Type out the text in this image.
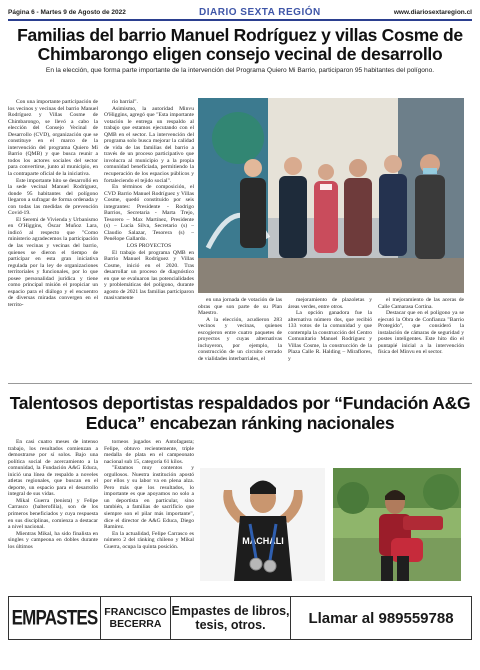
Página 6 - Martes 9 de Agosto de 2022	DIARIO SEXTA REGIÓN	www.diariosextaregion.cl
Familias del barrio Manuel Rodríguez y villas Cosme de Chimbarongo eligen consejo vecinal de desarrollo
En la elección, que forma parte importante de la intervención del Programa Quiero Mi Barrio, participaron 95 habitantes del polígono.

Con una importante participación de los vecinos y vecinas del barrio Manuel Rodríguez y Villas Cosme de Chimbarongo, se llevó a cabo la elección del Consejo Vecinal de Desarrollo (CVD), organización que se constituye en el marco de la intervención del programa Quiero Mi Barrio (QMB) y que busca reunir a todos los actores sociales del sector para convertirse, junto al municipio, en la contraparte oficial de la iniciativa.

Este importante hito se desarrolló en la sede vecinal Manuel Rodríguez, donde 95 habitantes del polígono llegaron a sufragar de forma ordenada y con todas las medidas de prevención Covid-19.

El Seremi de Vivienda y Urbanismo en O'Higgins, Óscar Muñoz Lara, indicó al respecto que "Como ministerio agradecemos la participación de las vecinas y vecinas del barrio, quienes se dieron el tiempo de participar en esta gran iniciativa regulada por la ley de organizaciones territoriales y funcionales, por lo que posee personalidad jurídica y tiene como principal misión el propiciar un espacio para el diálogo y el encuentro de diversas miradas convergen en el territo-

rio barrial".

Asimismo, la autoridad Minvu O'Higgins, agregó que "Esta importante votación le entrega un respaldo al trabajo que estamos ejecutando con el QMB en el sector. La intervención del programa solo busca mejorar la calidad de vida de las familias del barrio a través de un proceso participativo que involucra al municipio y a la propia comunidad beneficiada, permitiendo la recuperación de los espacios públicos y fortaleciendo el tejido social".

En términos de composición, el CVD Barrio Manuel Rodríguez y Villas Cosme, quedó constituido por seis integrantes: Presidente - Rodrigo Barrios, Secretaria - Marta Trejo, Tesorero – Max Martínez, Presidente (s) – Lucía Silva, Secretario (s) – Claudio Salazar, Tesorera (s) – Penélope Gallardo.

LOS PROYECTOS

El trabajo del programa QMB en Barrio Manuel Rodríguez y Villas Cosme, inició en el 2020. Tras desarrollar un proceso de diagnóstico en que se evaluaron las potencialidades y problemáticas del polígono, durante agosto de 2021 las familias participaron masivamente	en una jornada de votación de las obras que son parte de su Plan Maestro.

A la elección, acudieron 283 vecinos y vecinas, quienes escogieron entre cuatro paquetes de proyectos y cuyas alternativas incluyeron, por ejemplo, la construcción de un circuito cerrado de vialidades interbarriales, el

mejoramiento de plazoletas y áreas verdes, entre otros.

La opción ganadora fue la alternativa número dos, que recibió 133 votos de la comunidad y que contempla la construcción del Centro Comunitario Manuel Rodríguez y Villas Cosme, la construcción de la Plaza Calle R. Halding – Miraflores, y

el mejoramiento de las aceras de Calle Camarasa Cortina.

Destacar que en el polígono ya se ejecutó la Obra de Confianza "Barrio Protegido", que consideró la instalación de cámaras de seguridad y postes inteligentes. Este hito dio el puntapié inicial a la intervención física del Minvu en el sector.

Talentosos deportistas respaldados por “Fundación A&G Educa” encabezan ránking nacionales

En casi cuatro meses de intenso trabajo, los resultados comienzan a demostrarse por sí solos. Bajo una política social de acercamiento a la comunidad, la Fundación A&G Educa, inició una línea de respaldo a noveles atletas regionales, que buscan en el deporte, un espacio para el desarrollo integral de sus vidas.

Mikal Guerra (tenista) y Felipe Carrasco (halterofilia), son de los primeros beneficiados y cuya respuesta en sus disciplinas, comienza a destacar a nivel nacional.

Mientras Mikal, ha sido finalista en singles y campeona en dobles durante los últimos

torneos jugados en Antofagasta; Felipe, obtuvo recientemente, triple medalla de plata en el campeonato nacional sub 15, categoría 61 kilos.

"Estamos muy contentos y orgullosos. Nuestra institución apostó por ellos y su labor va en plena alza. Pero más que los resultados, lo importante es que apoyamos no solo a un deportista en particular, sino también, a familias de sacrificio que siempre son el pilar más importante", dice el director de A&G Educa, Diego Ramírez.

En la actualidad, Felipe Carrasco es número 2 del ránking chileno y Mikal Guerra, ocupa la quinta posición.

MACHALI
EMPASTES FRANCISCO
BECERRA
Empastes de libros,
tesis, otros.	Llamar al 989559788
